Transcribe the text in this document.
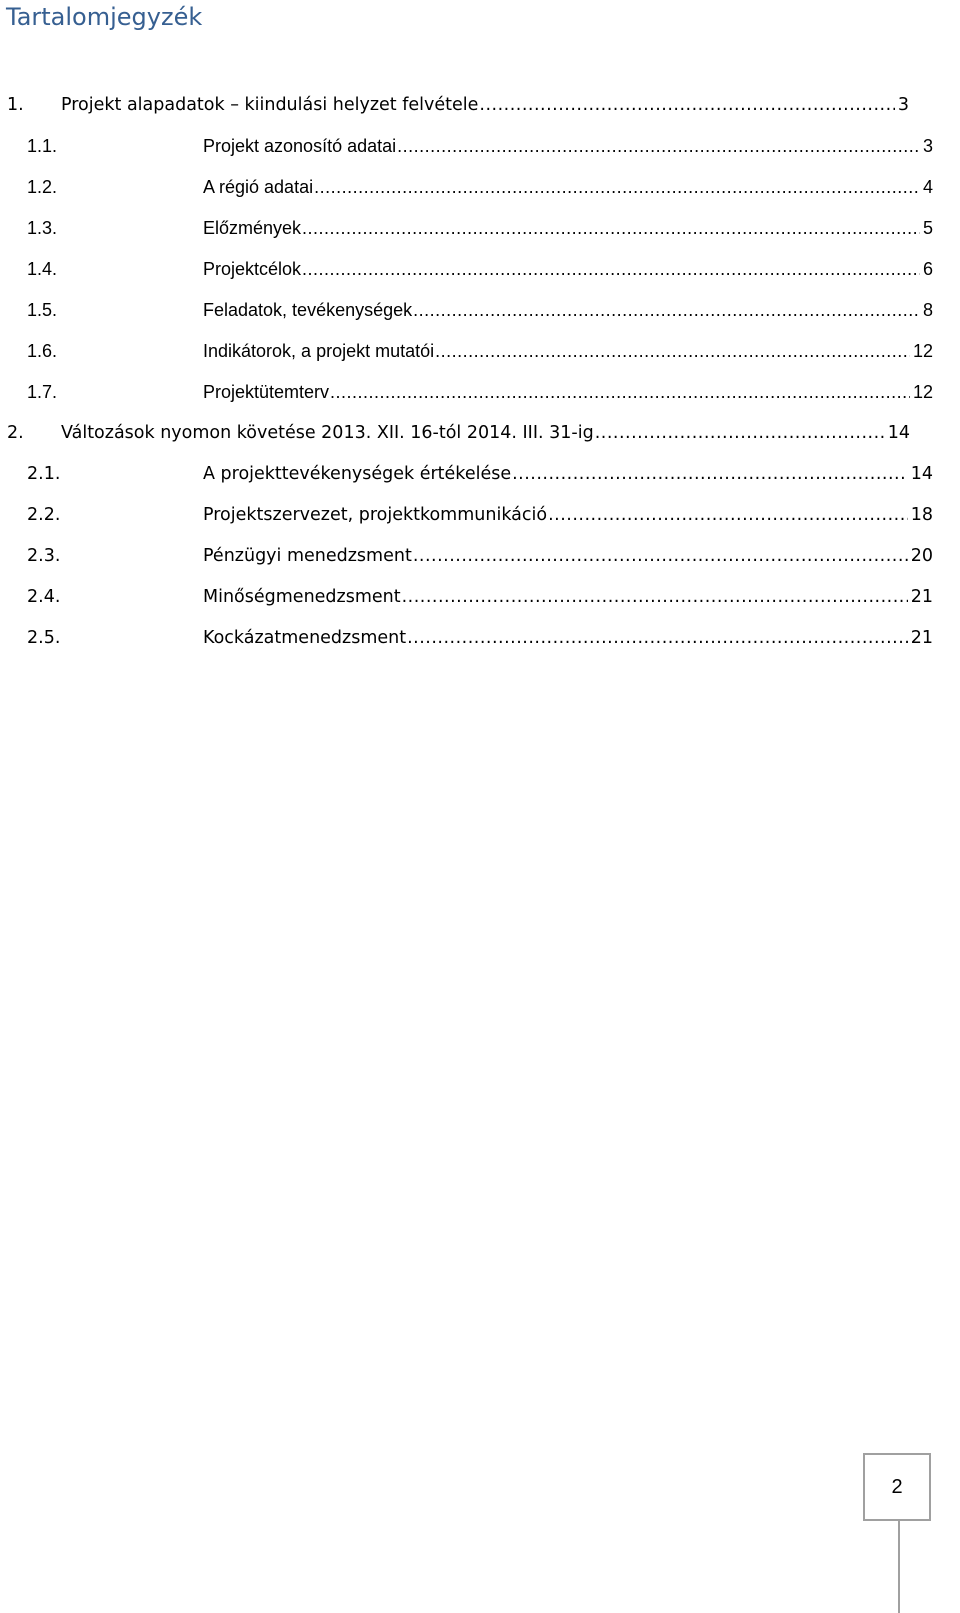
Tartalomjegyzék
1.	Projekt alapadatok – kiindulási helyzet felvétele .....	3
1.1.	Projekt azonosító adatai .....	3
1.2.	A régió adatai .....	4
1.3.	Előzmények .....	5
1.4.	Projektcélok .....	6
1.5.	Feladatok, tevékenységek .....	8
1.6.	Indikátorok, a projekt mutatói .....	12
1.7.	Projektütemterv .....	12
2.	Változások nyomon követése 2013. XII. 16-tól 2014. III. 31-ig .....	14
2.1.	A projekttevékenységek értékelése .....	14
2.2.	Projektszervezet, projektkommunikáció .....	18
2.3.	Pénzügyi menedzsment .....	20
2.4.	Minőségmenedzsment .....	21
2.5.	Kockázatmenedzsment .....	21
2
